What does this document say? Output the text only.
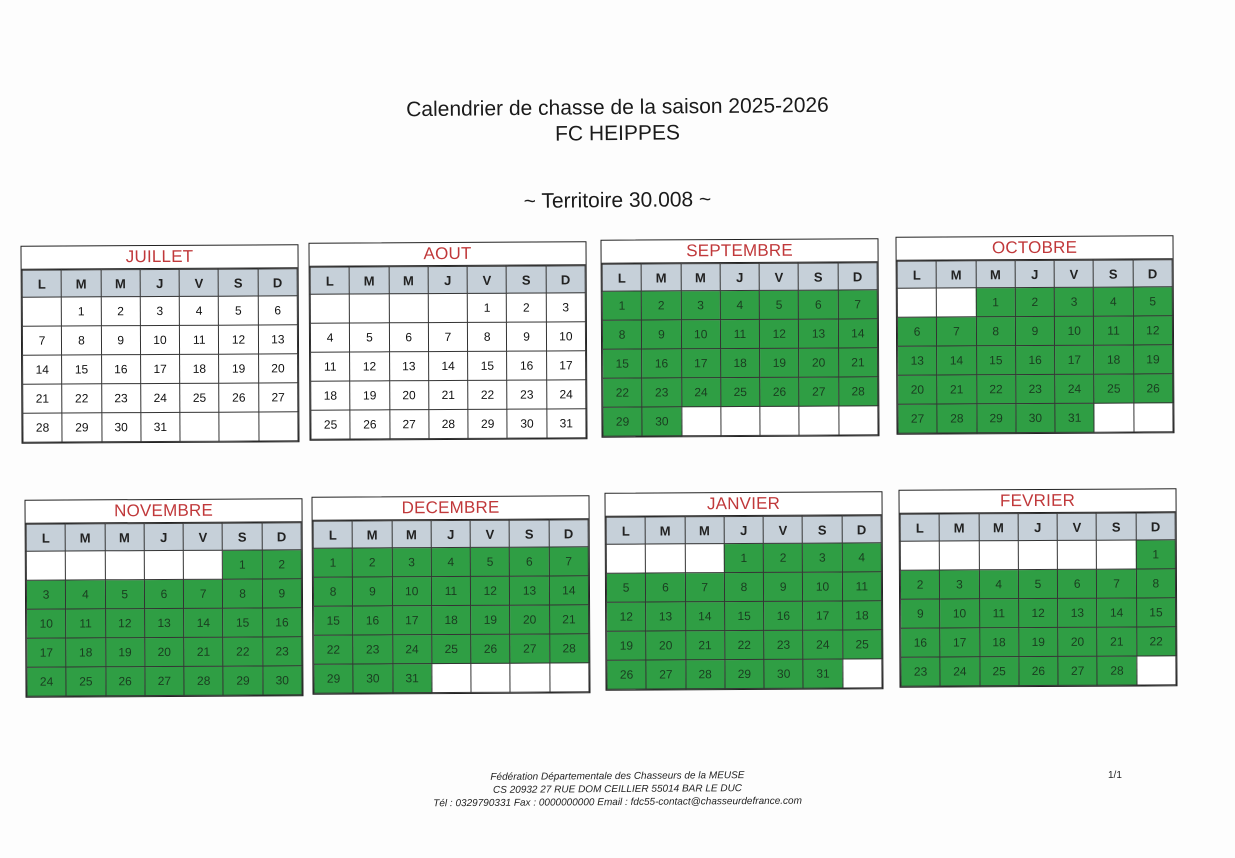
Calendrier de chasse de la saison 2025-2026
FC HEIPPES
~ Territoire 30.008 ~
JUILLET
L	M	M	J	V	S	D
	1	2	3	4	5	6
7	8	9	10	11	12	13
14	15	16	17	18	19	20
21	22	23	24	25	26	27
28	29	30	31			
AOUT
L	M	M	J	V	S	D
				1	2	3
4	5	6	7	8	9	10
11	12	13	14	15	16	17
18	19	20	21	22	23	24
25	26	27	28	29	30	31
SEPTEMBRE
L	M	M	J	V	S	D
1	2	3	4	5	6	7
8	9	10	11	12	13	14
15	16	17	18	19	20	21
22	23	24	25	26	27	28
29	30					
OCTOBRE
L	M	M	J	V	S	D
		1	2	3	4	5
6	7	8	9	10	11	12
13	14	15	16	17	18	19
20	21	22	23	24	25	26
27	28	29	30	31		
NOVEMBRE
L	M	M	J	V	S	D
					1	2
3	4	5	6	7	8	9
10	11	12	13	14	15	16
17	18	19	20	21	22	23
24	25	26	27	28	29	30
DECEMBRE
L	M	M	J	V	S	D
1	2	3	4	5	6	7
8	9	10	11	12	13	14
15	16	17	18	19	20	21
22	23	24	25	26	27	28
29	30	31				
JANVIER
L	M	M	J	V	S	D
			1	2	3	4
5	6	7	8	9	10	11
12	13	14	15	16	17	18
19	20	21	22	23	24	25
26	27	28	29	30	31	
FEVRIER
L	M	M	J	V	S	D
						1
2	3	4	5	6	7	8
9	10	11	12	13	14	15
16	17	18	19	20	21	22
23	24	25	26	27	28	
Fédération Départementale des Chasseurs de la MEUSE
CS 20932 27 RUE DOM CEILLIER 55014 BAR LE DUC
Tél : 0329790331 Fax : 0000000000 Email : fdc55-contact@chasseurdefrance.com
1/1
